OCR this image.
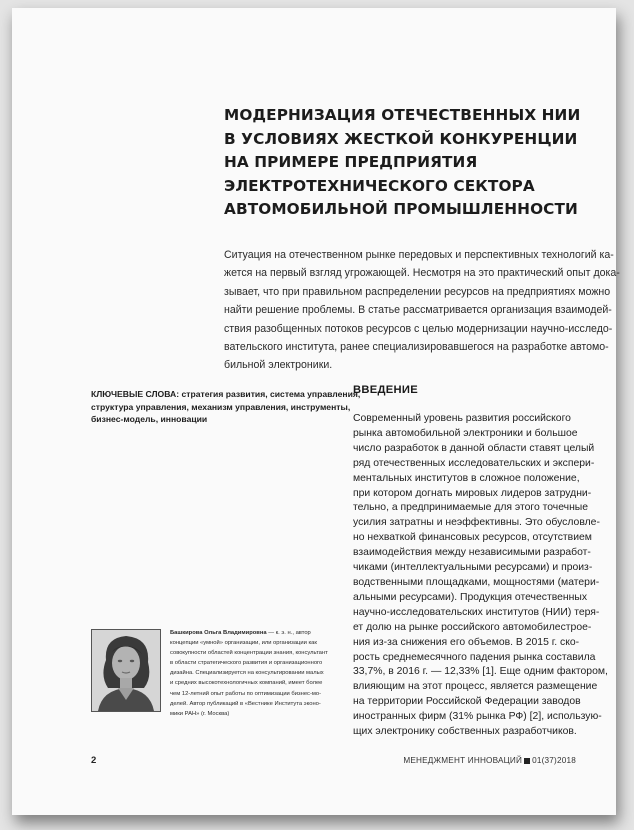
МОДЕРНИЗАЦИЯ ОТЕЧЕСТВЕННЫХ НИИ
В УСЛОВИЯХ ЖЕСТКОЙ КОНКУРЕНЦИИ
НА ПРИМЕРЕ ПРЕДПРИЯТИЯ
ЭЛЕКТРОТЕХНИЧЕСКОГО СЕКТОРА
АВТОМОБИЛЬНОЙ ПРОМЫШЛЕННОСТИ
Ситуация на отечественном рынке передовых и перспективных технологий ка-
жется на первый взгляд угрожающей. Несмотря на это практический опыт дока-
зывает, что при правильном распределении ресурсов на предприятиях можно
найти решение проблемы. В статье рассматривается организация взаимодей-
ствия разобщенных потоков ресурсов с целью модернизации научно-исследо-
вательского института, ранее специализировавшегося на разработке автомо-
бильной электроники.
КЛЮЧЕВЫЕ СЛОВА: стратегия развития, система управления,
структура управления, механизм управления, инструменты,
бизнес-модель, инновации
ВВЕДЕНИЕ
Современный уровень развития российского
рынка автомобильной электроники и большое
число разработок в данной области ставят целый
ряд отечественных исследовательских и экспери-
ментальных институтов в сложное положение,
при котором догнать мировых лидеров затрудни-
тельно, а предпринимаемые для этого точечные
усилия затратны и неэффективны. Это обусловле-
но нехваткой финансовых ресурсов, отсутствием
взаимодействия между независимыми разработ-
чиками (интеллектуальными ресурсами) и произ-
водственными площадками, мощностями (матери-
альными ресурсами). Продукция отечественных
научно-исследовательских институтов (НИИ) теря-
ет долю на рынке российского автомобилестрое-
ния из-за снижения его объемов. В 2015 г. ско-
рость среднемесячного падения рынка составила
33,7%, в 2016 г. — 12,33% [1]. Еще одним фактором,
влияющим на этот процесс, является размещение
на территории Российской Федерации заводов
иностранных фирм (31% рынка РФ) [2], использую-
щих электронику собственных разработчиков.
Башкирова Ольга Владимировна — к. э. н., автор
концепции «умной» организации, или организации как
совокупности областей концентрации знания, консультант
в области стратегического развития и организационного
дизайна. Специализируется на консультировании малых
и средних высокотехнологичных компаний, имеет более
чем 12-летний опыт работы по оптимизации бизнес-мо-
делей. Автор публикаций в «Вестнике Института эконо-
мики РАН» (г. Москва)
2	МЕНЕДЖМЕНТ ИННОВАЦИЙ 01(37)2018
